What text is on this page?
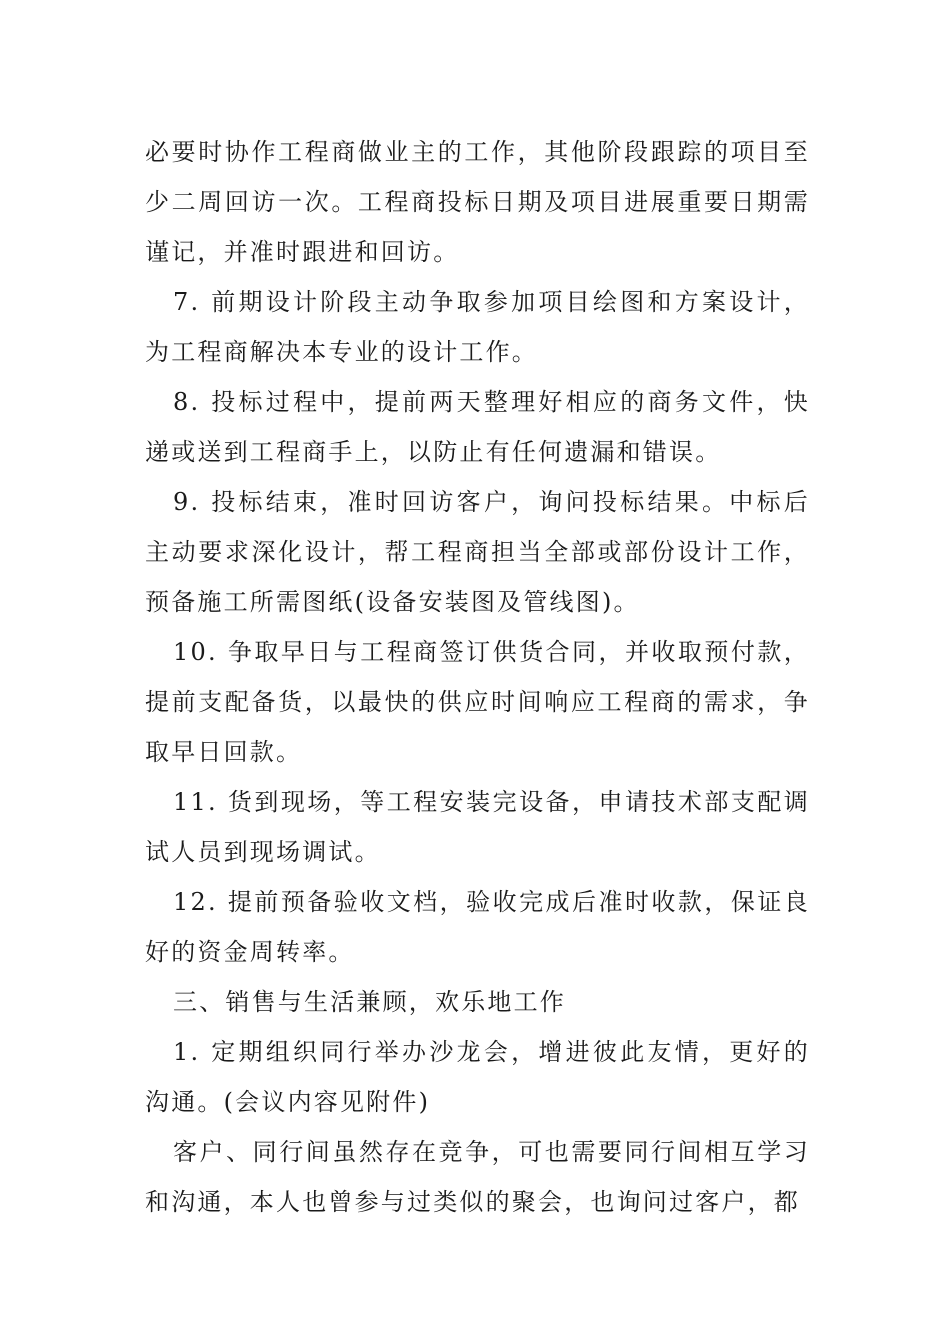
必要时协作工程商做业主的工作，其他阶段跟踪的项目至少二周回访一次。工程商投标日期及项目进展重要日期需谨记，并准时跟进和回访。

7. 前期设计阶段主动争取参加项目绘图和方案设计，为工程商解决本专业的设计工作。

8. 投标过程中，提前两天整理好相应的商务文件，快递或送到工程商手上，以防止有任何遗漏和错误。

9. 投标结束，准时回访客户，询问投标结果。中标后主动要求深化设计，帮工程商担当全部或部份设计工作，预备施工所需图纸(设备安装图及管线图)。

10. 争取早日与工程商签订供货合同，并收取预付款，提前支配备货，以最快的供应时间响应工程商的需求，争取早日回款。

11. 货到现场，等工程安装完设备，申请技术部支配调试人员到现场调试。

12. 提前预备验收文档，验收完成后准时收款，保证良好的资金周转率。

三、销售与生活兼顾，欢乐地工作

1. 定期组织同行举办沙龙会，增进彼此友情，更好的沟通。(会议内容见附件)

客户、同行间虽然存在竞争，可也需要同行间相互学习和沟通，本人也曾参与过类似的聚会，也询问过客户，都
